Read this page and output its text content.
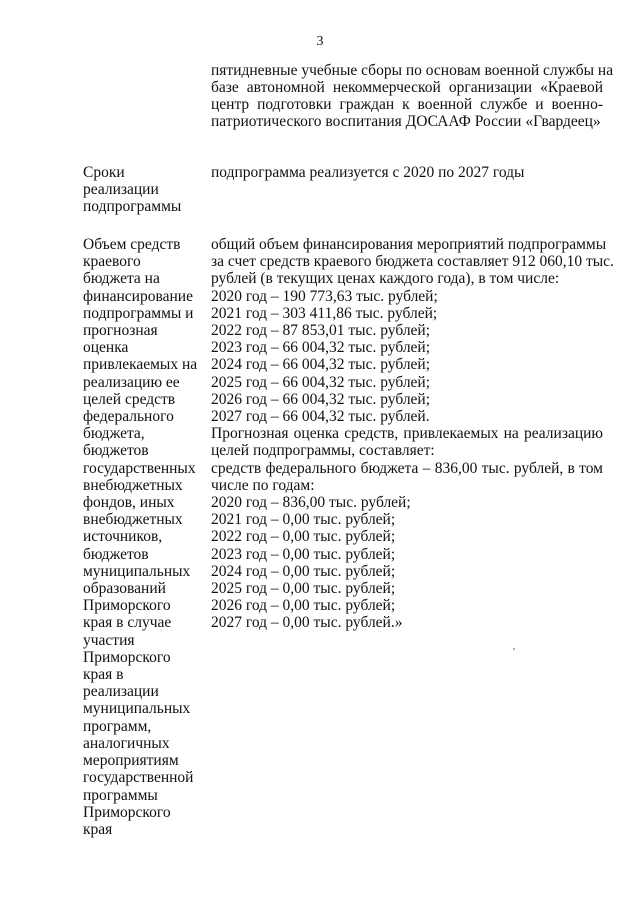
3
пятидневные учебные сборы по основам военной службы на
базе автономной некоммерческой организации «Краевой
центр подготовки граждан к военной службе и военно-
патриотического воспитания ДОСААФ России «Гвардеец»
Сроки
реализации
подпрограммы
подпрограмма реализуется с 2020 по 2027 годы
Объем средств
краевого
бюджета на
финансирование
подпрограммы и
прогнозная
оценка
привлекаемых на
реализацию ее
целей средств
федерального
бюджета,
бюджетов
государственных
внебюджетных
фондов, иных
внебюджетных
источников,
бюджетов
муниципальных
образований
Приморского
края в случае
участия
Приморского
края в
реализации
муниципальных
программ,
аналогичных
мероприятиям
государственной
программы
Приморского
края
общий объем финансирования мероприятий подпрограммы
за счет средств краевого бюджета составляет 912 060,10 тыс.
рублей (в текущих ценах каждого года), в том числе:
2020 год – 190 773,63 тыс. рублей;
2021 год – 303 411,86 тыс. рублей;
2022 год – 87 853,01 тыс. рублей;
2023 год – 66 004,32 тыс. рублей;
2024 год – 66 004,32 тыс. рублей;
2025 год – 66 004,32 тыс. рублей;
2026 год – 66 004,32 тыс. рублей;
2027 год – 66 004,32 тыс. рублей.
Прогнозная оценка средств, привлекаемых на реализацию
целей подпрограммы, составляет:
средств федерального бюджета – 836,00 тыс. рублей, в том
числе по годам:
2020 год – 836,00 тыс. рублей;
2021 год – 0,00 тыс. рублей;
2022 год – 0,00 тыс. рублей;
2023 год – 0,00 тыс. рублей;
2024 год – 0,00 тыс. рублей;
2025 год – 0,00 тыс. рублей;
2026 год – 0,00 тыс. рублей;
2027 год – 0,00 тыс. рублей.»
